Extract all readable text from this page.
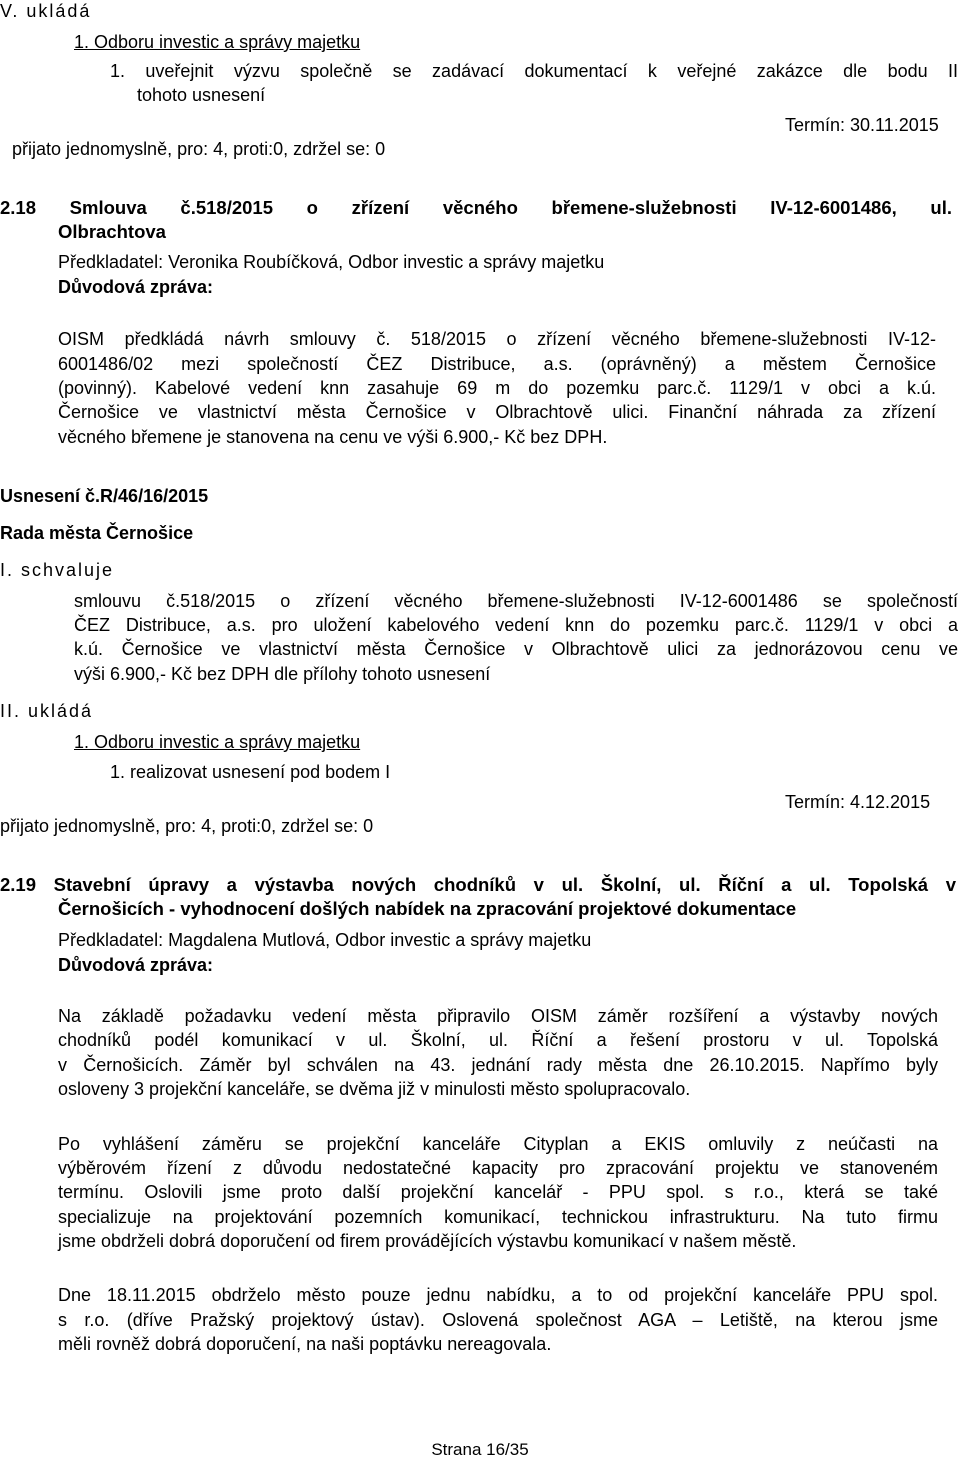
V. ukládá
1. Odboru investic a správy majetku
1. uveřejnit výzvu společně se zadávací dokumentací k veřejné zakázce dle bodu II
tohoto usnesení
Termín: 30.11.2015
přijato jednomyslně, pro: 4, proti:0, zdržel se: 0
2.18 Smlouva č.518/2015 o zřízení věcného břemene-služebnosti IV-12-6001486, ul.
Olbrachtova
Předkladatel: Veronika Roubíčková, Odbor investic a správy majetku
Důvodová zpráva:
OISM předkládá návrh smlouvy č. 518/2015 o zřízení věcného břemene-služebnosti IV-12-
6001486/02 mezi společností ČEZ Distribuce, a.s. (oprávněný) a městem Černošice
(povinný). Kabelové vedení knn zasahuje 69 m do pozemku parc.č. 1129/1 v obci a k.ú.
Černošice ve vlastnictví města Černošice v Olbrachtově ulici. Finanční náhrada za zřízení
věcného břemene je stanovena na cenu ve výši 6.900,- Kč bez DPH.
Usnesení č.R/46/16/2015
Rada města Černošice
I. schvaluje
smlouvu č.518/2015 o zřízení věcného břemene-služebnosti IV-12-6001486 se společností
ČEZ Distribuce, a.s. pro uložení kabelového vedení knn do pozemku parc.č. 1129/1 v obci a
k.ú. Černošice ve vlastnictví města Černošice v Olbrachtově ulici za jednorázovou cenu ve
výši 6.900,- Kč bez DPH dle přílohy tohoto usnesení
II. ukládá
1. Odboru investic a správy majetku
1. realizovat usnesení pod bodem I
Termín: 4.12.2015
přijato jednomyslně, pro: 4, proti:0, zdržel se: 0
2.19 Stavební úpravy a výstavba nových chodníků v ul. Školní, ul. Říční a ul. Topolská v
Černošicích - vyhodnocení došlých nabídek na zpracování projektové dokumentace
Předkladatel: Magdalena Mutlová, Odbor investic a správy majetku
Důvodová zpráva:
Na základě požadavku vedení města připravilo OISM záměr rozšíření a výstavby nových
chodníků podél komunikací v ul. Školní, ul. Říční a řešení prostoru v ul. Topolská
v Černošicích. Záměr byl schválen na 43. jednání rady města dne 26.10.2015. Napřímo byly
osloveny 3 projekční kanceláře, se dvěma již v minulosti město spolupracovalo.
Po vyhlášení záměru se projekční kanceláře Cityplan a EKIS omluvily z neúčasti na
výběrovém řízení z důvodu nedostatečné kapacity pro zpracování projektu ve stanoveném
termínu. Oslovili jsme proto další projekční kancelář - PPU spol. s r.o., která se také
specializuje na projektování pozemních komunikací, technickou infrastrukturu. Na tuto firmu
jsme obdrželi dobrá doporučení od firem provádějících výstavbu komunikací v našem městě.
Dne 18.11.2015 obdrželo město pouze jednu nabídku, a to od projekční kanceláře PPU spol.
s r.o. (dříve Pražský projektový ústav). Oslovená společnost AGA – Letiště, na kterou jsme
měli rovněž dobrá doporučení, na naši poptávku nereagovala.
Strana 16/35
